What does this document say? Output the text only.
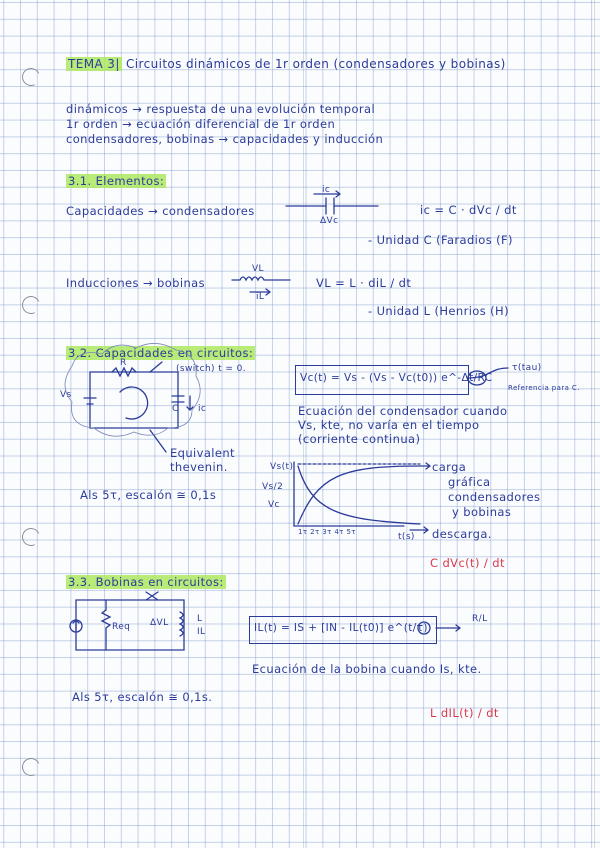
TEMA 3| Circuitos dinámicos de 1r orden (condensadores y bobinas)
dinámicos → respuesta de una evolución temporal
1r orden → ecuación diferencial de 1r orden
condensadores, bobinas → capacidades y inducción
3.1. Elementos:
Capacidades → condensadores
ic
ΔVc
ic = C · dVc / dt
- Unidad C (Faradios (F)
Inducciones → bobinas
VL
iL
VL = L · diL / dt
- Unidad L (Henrios (H)
3.2. Capacidades en circuitos:
R
(switch) t = 0.
Vs
C ic
Vc(t) = Vs - (Vs - Vc(t0)) e^-Δt/RC
τ(tau)
Referencia para C.
Ecuación del condensador cuando
Vs, kte, no varía en el tiempo
(corriente continua)
Equivalent
thevenin.
Als 5τ, escalón ≅ 0,1s
Vs(t)
Vs/2
Vc
1τ 2τ 3τ 4τ 5τ	t(s)
carga
gráfica
condensadores
y bobinas
descarga.
C dVc(t) / dt
3.3. Bobinas en circuitos:
Req ΔVL	L
IL	IL(t) = IS + [IN - IL(t0)] e^(t/τ)
R/L
Ecuación de la bobina cuando Is, kte.
Als 5τ, escalón ≅ 0,1s.
L dIL(t) / dt
